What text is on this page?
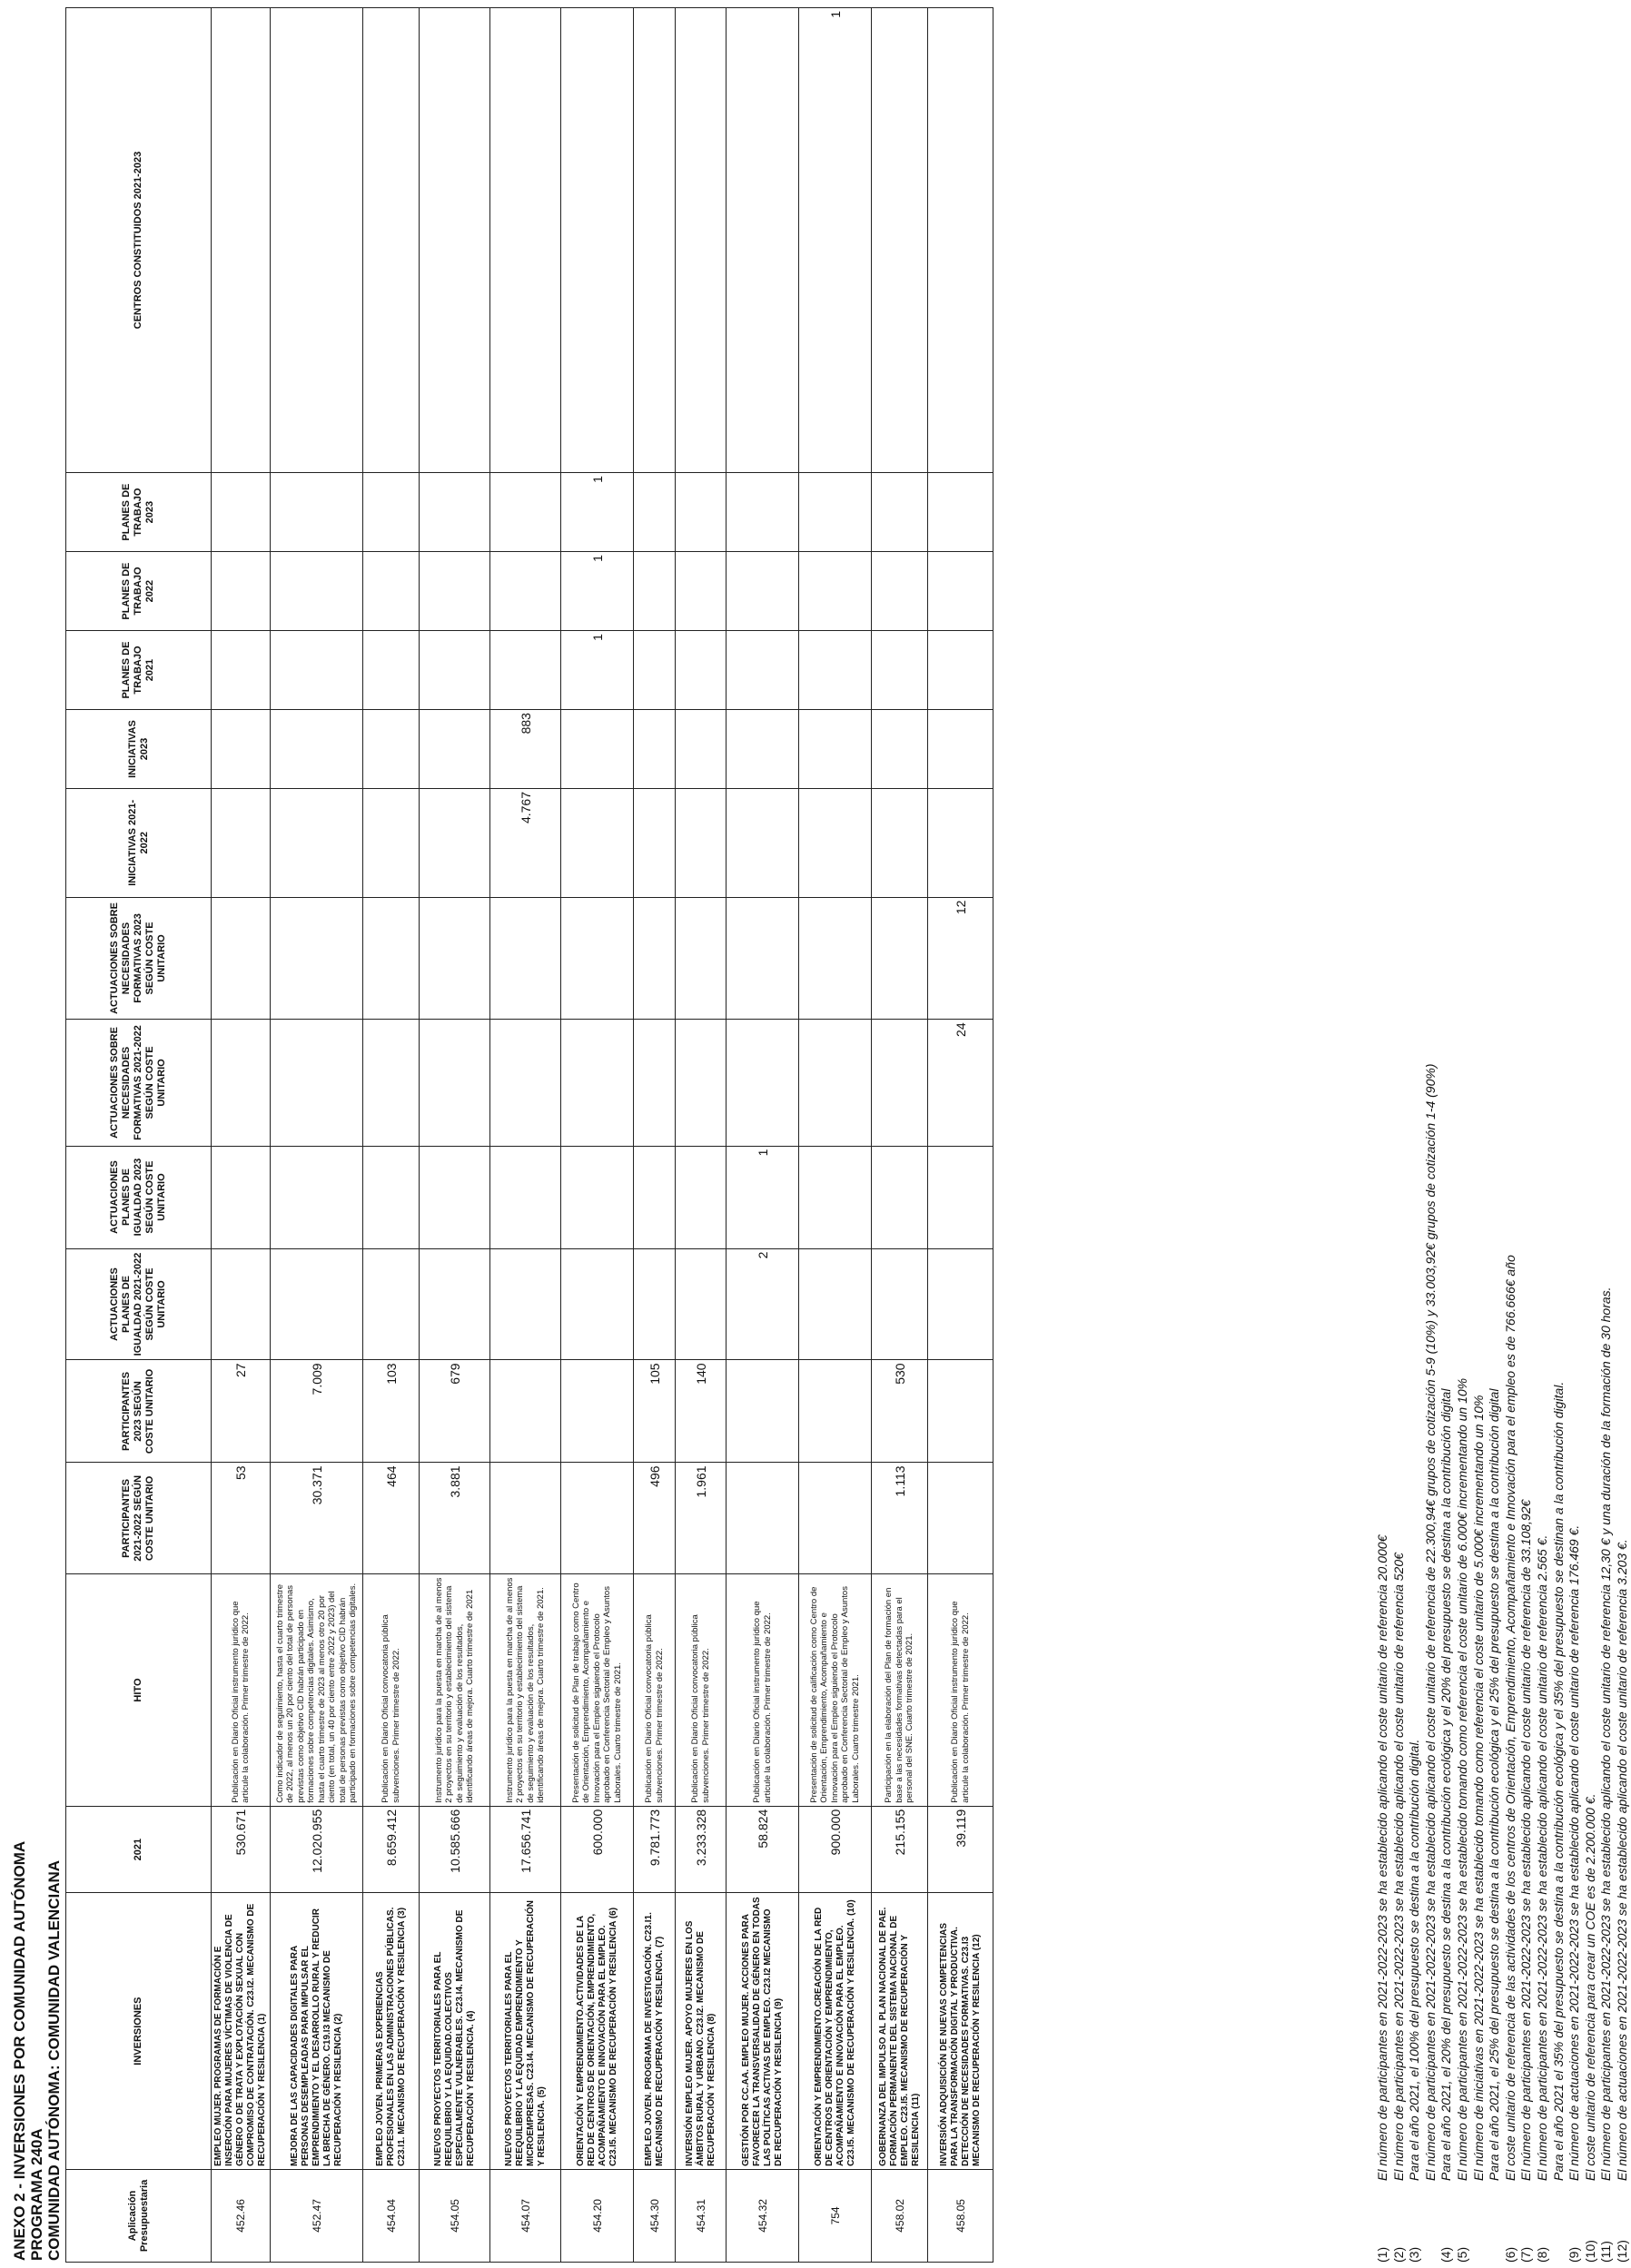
ANEXO 2 - INVERSIONES POR COMUNIDAD AUTÓNOMA PROGRAMA 240A COMUNIDAD AUTÓNOMA: COMUNIDAD VALENCIANA	Aplicación Presupuestaria	INVERSIONES	2021	HITO	PARTICIPANTES 2021-2022 SEGÚN COSTE UNITARIO	PARTICIPANTES 2023 SEGÚN COSTE UNITARIO	ACTUACIONES PLANES DE IGUALDAD 2021-2022 SEGÚN COSTE UNITARIO	ACTUACIONES PLANES DE IGUALDAD 2023 SEGÚN COSTE UNITARIO	ACTUACIONES SOBRE NECESIDADES FORMATIVAS 2021-2022 SEGÚN COSTE UNITARIO	ACTUACIONES SOBRE NECESIDADES FORMATIVAS 2023 SEGÚN COSTE UNITARIO	INICIATIVAS 2021-2022	INICIATIVAS 2023	PLANES DE TRABAJO 2021	PLANES DE TRABAJO 2022	PLANES DE TRABAJO 2023	CENTROS CONSTITUIDOS 2021-2023
452.46	EMPLEO MUJER. PROGRAMAS DE FORMACIÓN E INSERCIÓN PARA MUJERES VÍCTIMAS DE VIOLENCIA DE GÉNERO O DE TRATA Y EXPLOTACIÓN SEXUAL CON COMPROMISO DE CONTRATACIÓN. C23.I2. MECANISMO DE RECUPERACIÓN Y RESILENCIA (1)	530.671	Publicación en Diario Oficial instrumento jurídico que articule la colaboración. Primer trimestre de 2022.	53	27										
452.47	MEJORA DE LAS CAPACIDADES DIGITALES PARA PERSONAS DESEMPLEADAS PARA IMPULSAR EL EMPRENDIMIENTO Y EL DESARROLLO RURAL Y REDUCIR LA BRECHA DE GÉNERO. C19.I3 MECANISMO DE RECUPERACIÓN Y RESILENCIA (2)	12.020.955	Como indicador de seguimiento, hasta el cuarto trimestre de 2022, al menos un 20 por ciento del total de personas previstas como objetivo CID habrán participado en formaciones sobre competencias digitales. Asimismo, hasta el cuarto trimestre de 2023 al menos otro 20 por ciento (en total, un 40 por ciento entre 2022 y 2023) del total de personas previstas como objetivo CID habrán participado en formaciones sobre competencias digitales.	30.371	7.009										
454.04	EMPLEO JOVEN. PRIMERAS EXPERIENCIAS PROFESIONALES EN LAS ADMINISTRACIONES PÚBLICAS. C23.I1. MECANISMO DE RECUPERACIÓN Y RESILENCIA (3)	8.659.412	Publicación en Diario Oficial convocatoria pública subvenciones. Primer trimestre de 2022.	464	103										
454.05	NUEVOS PROYECTOS TERRITORIALES PARA EL REEQUILIBRIO Y LA EQUIDAD.COLECTIVOS ESPECIALMENTE VULNERABLES. C23.I4. MECANISMO DE RECUPERACIÓN Y RESILENCIA. (4)	10.585.666	Instrumento jurídico para la puesta en marcha de al menos 2 proyectos en su territorio y establecimiento del sistema de seguimiento y evaluación de los resultados, identificando áreas de mejora. Cuarto trimestre de 2021	3.881	679										
454.07	NUEVOS PROYECTOS TERRITORIALES PARA EL REEQUILIBRIO Y LA EQUIDAD EMPRENDIMIENTO Y MICROEMPRESAS. C23.I4. MECANISMO DE RECUPERACIÓN Y RESILENCIA. (5)	17.656.741	Instrumento jurídico para la puesta en marcha de al menos 2 proyectos en su territorio y establecimiento del sistema de seguimiento y evaluación de los resultados, identificando áreas de mejora. Cuarto trimestre de 2021.							4.767	883				
454.20	ORIENTACIÓN Y EMPRENDIMIENTO.ACTIVIDADES DE LA RED DE CENTROS DE ORIENTACIÓN, EMPRENDIMIENTO, ACOMPAÑAMIENTO E INNOVACIÓN PARA EL EMPLEO. C23.I5. MECANISMO DE RECUPERACIÓN Y RESILENCIA (6)	600.000	Presentación de solicitud de Plan de trabajo como Centro de Orientación, Emprendimiento, Acompañamiento e Innovación para el Empleo siguiendo el Protocolo aprobado en Conferencia Sectorial de Empleo y Asuntos Laborales. Cuarto trimestre de 2021.									1	1	1	
454.30	EMPLEO JOVEN. PROGRAMA DE INVESTIGACIÓN. C23.I1. MECANISMO DE RECUPERACIÓN Y RESILENCIA. (7)	9.781.773	Publicación en Diario Oficial convocatoria pública subvenciones. Primer trimestre de 2022.	496	105										
454.31	INVERSIÓN EMPLEO MUJER. APOYO MUJERES EN LOS ÁMBITOS RURAL Y URBANO. C23.I2. MECANISMO DE RECUPERACIÓN Y RESILENCIA (8)	3.233.328	Publicación en Diario Oficial convocatoria pública subvenciones. Primer trimestre de 2022.	1.961	140										
454.32	GESTIÓN POR CC.AA. EMPLEO MUJER. ACCIONES PARA FAVORECER LA TRANSVERSALIDAD DE GÉNERO EN TODAS LAS POLÍTICAS ACTIVAS DE EMPLEO. C23.I2 MECANISMO DE RECUPERACIÓN Y RESILENCIA (9)	58.824	Publicación en Diario Oficial instrumento jurídico que articule la colaboración. Primer trimestre de 2022.			2	1								
754	ORIENTACIÓN Y EMPRENDIMIENTO.CREACIÓN DE LA RED DE CENTROS DE ORIENTACIÓN Y EMPRENDIMIENTO, ACOMPAÑAMIENTO E INNOVACIÓN PARA EL EMPLEO. C23.I5. MECANISMO DE RECUPERACIÓN Y RESILENCIA. (10)	900.000	Presentación de solicitud de calificación como Centro de Orientación, Emprendimiento, Acompañamiento e Innovación para el Empleo siguiendo el Protocolo aprobado en Conferencia Sectorial de Empleo y Asuntos Laborales. Cuarto trimestre 2021.												1
458.02	GOBERNANZA DEL IMPULSO AL PLAN NACIONAL DE PAE. FORMACIÓN PERMANENTE DEL SISTEMA NACIONAL DE EMPLEO. C23.I5. MECANISMO DE RECUPERACIÓN Y RESILENCIA (11)	215.155	Participación en la elaboración del Plan de formación en base a las necesidades formativas detectadas para el personal del SNE. Cuarto trimestre de 2021.	1.113	530										
458.05	INVERSIÓN ADQUISICIÓN DE NUEVAS COMPETENCIAS PARA LA TRANSFORMACIÓN DIGITAL Y PRODUCTIVA. DETECCIÓN DE NECESIDADES FORMATIVAS. C23.I3 MECANISMO DE RECUPERACIÓN Y RESILENCIA (12)	39.119	Publicación en Diario Oficial instrumento jurídico que articule la colaboración. Primer trimestre de 2022.					24	12						
(1)
El número de participantes en 2021-2022-2023 se ha establecido aplicando el coste unitario de referencia 20.000€
(2)
El número de participantes en 2021-2022-2023 se ha establecido aplicando el coste unitario de referencia 520€
(3)
Para el año 2021, el 100% del presupuesto se destina a la contribución digital. El número de participantes en 2021-2022-2023 se ha establecido aplicando el coste unitario de referencia de 22.300,94€ grupos de cotización 5-9 (10%) y 33.003,92€ grupos de cotización 1-4 (90%)
(4)
Para el año 2021, el 20% del presupuesto se destina a la contribución ecológica y el 20% del presupuesto se destina a la contribución digital
(5)
El número de participantes en 2021-2022-2023 se ha establecido tomando como referencia el coste unitario de 6.000€ incrementando un 10% El número de iniciativas en 2021-2022-2023 se ha establecido tomando como referencia el coste unitario de 5.000€ incrementando un 10% Para el año 2021, el 25% del presupuesto se destina a la contribución ecológica y el 25% del presupuesto se destina a la contribución digital
(6)
El coste unitario de referencia de las actividades de los centros de Orientación, Emprendimiento, Acompañamiento e Innovación para el empleo es de 766.666€ año
(7)
El número de participantes en 2021-2022-2023 se ha establecido aplicando el coste unitario de referencia de 33.108,92€
(8)
El número de participantes en 2021-2022-2023 se ha establecido aplicando el coste unitario de referencia 2.565 €. Para el año 2021 el 35% del presupuesto se destina a la contribución ecológica y el 35% del presupuesto se destinan a la contribución digital.
(9)
El número de actuaciones en 2021-2022-2023 se ha establecido aplicando el coste unitario de referencia 176.469 €.
(10)
El coste unitario de referencia para crear un COE es de 2.200.000 €.
(11)
El número de participantes en 2021-2022-2023 se ha establecido aplicando el coste unitario de referencia 12,30 € y una duración de la formación de 30 horas.
(12)
El número de actuaciones en 2021-2022-2023 se ha establecido aplicando el coste unitario de referencia 3.203 €.
